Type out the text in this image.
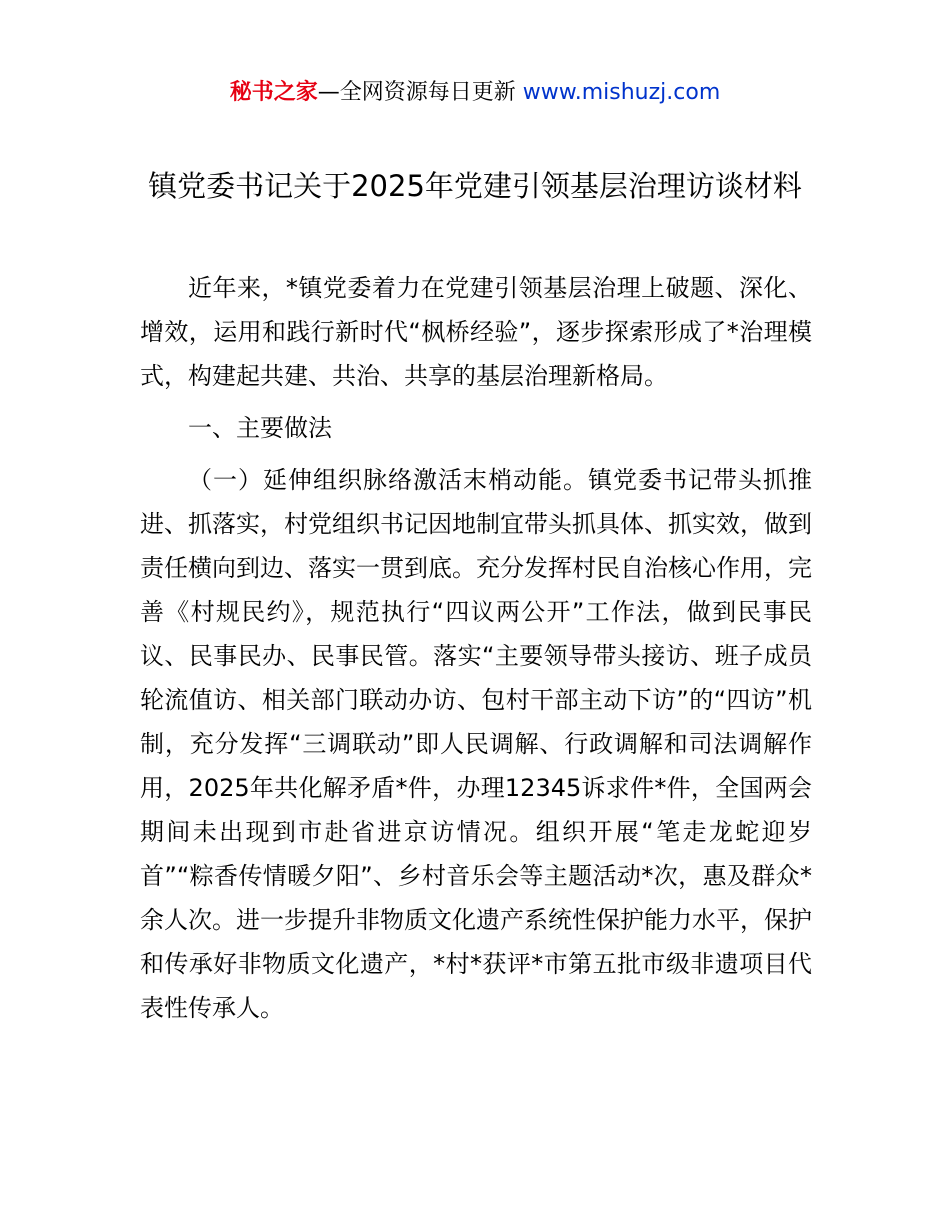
秘书之家—全网资源每日更新 www.mishuzj.com
镇党委书记关于2025年党建引领基层治理访谈材料

近年来，*镇党委着力在党建引领基层治理上破题、深化、增效，运用和践行新时代“枫桥经验”，逐步探索形成了*治理模式，构建起共建、共治、共享的基层治理新格局。

一、主要做法

（一）延伸组织脉络激活末梢动能。镇党委书记带头抓推进、抓落实，村党组织书记因地制宜带头抓具体、抓实效，做到责任横向到边、落实一贯到底。充分发挥村民自治核心作用，完善《村规民约》，规范执行“四议两公开”工作法，做到民事民议、民事民办、民事民管。落实“主要领导带头接访、班子成员轮流值访、相关部门联动办访、包村干部主动下访”的“四访”机制，充分发挥“三调联动”即人民调解、行政调解和司法调解作用，2025年共化解矛盾*件，办理12345诉求件*件，全国两会期间未出现到市赴省进京访情况。组织开展“笔走龙蛇迎岁首”“粽香传情暖夕阳”、乡村音乐会等主题活动*次，惠及群众*余人次。进一步提升非物质文化遗产系统性保护能力水平，保护和传承好非物质文化遗产，*村*获评*市第五批市级非遗项目代表性传承人。
